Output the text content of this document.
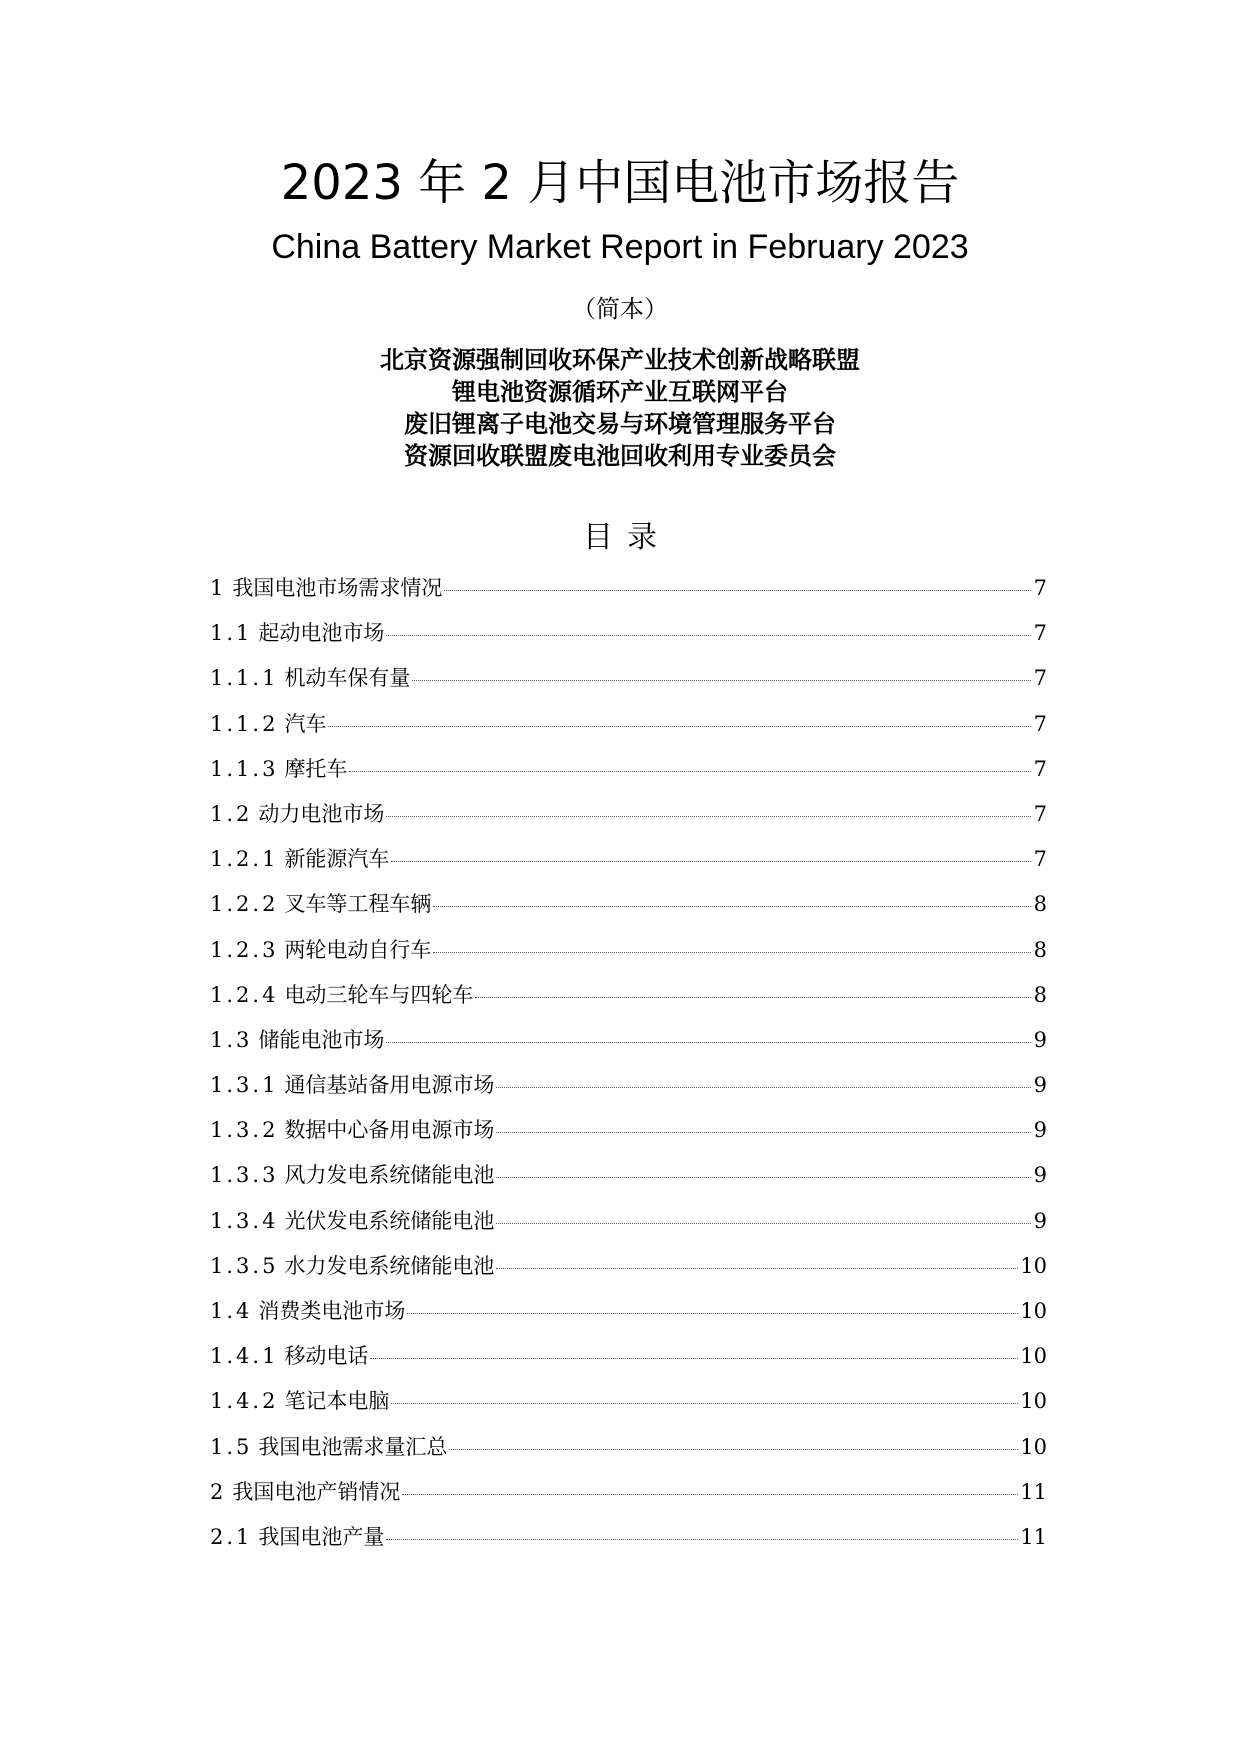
2023 年 2 月中国电池市场报告
China Battery Market Report in February 2023
（简本）
北京资源强制回收环保产业技术创新战略联盟
锂电池资源循环产业互联网平台
废旧锂离子电池交易与环境管理服务平台
资源回收联盟废电池回收利用专业委员会
目录
1 我国电池市场需求情况	7
1.1 起动电池市场	7
1.1.1 机动车保有量	7
1.1.2 汽车	7
1.1.3 摩托车	7
1.2 动力电池市场	7
1.2.1 新能源汽车	7
1.2.2 叉车等工程车辆	8
1.2.3 两轮电动自行车	8
1.2.4 电动三轮车与四轮车	8
1.3 储能电池市场	9
1.3.1 通信基站备用电源市场	9
1.3.2 数据中心备用电源市场	9
1.3.3 风力发电系统储能电池	9
1.3.4 光伏发电系统储能电池	9
1.3.5 水力发电系统储能电池	10
1.4 消费类电池市场	10
1.4.1 移动电话	10
1.4.2 笔记本电脑	10
1.5 我国电池需求量汇总	10
2 我国电池产销情况	11
2.1 我国电池产量	11
